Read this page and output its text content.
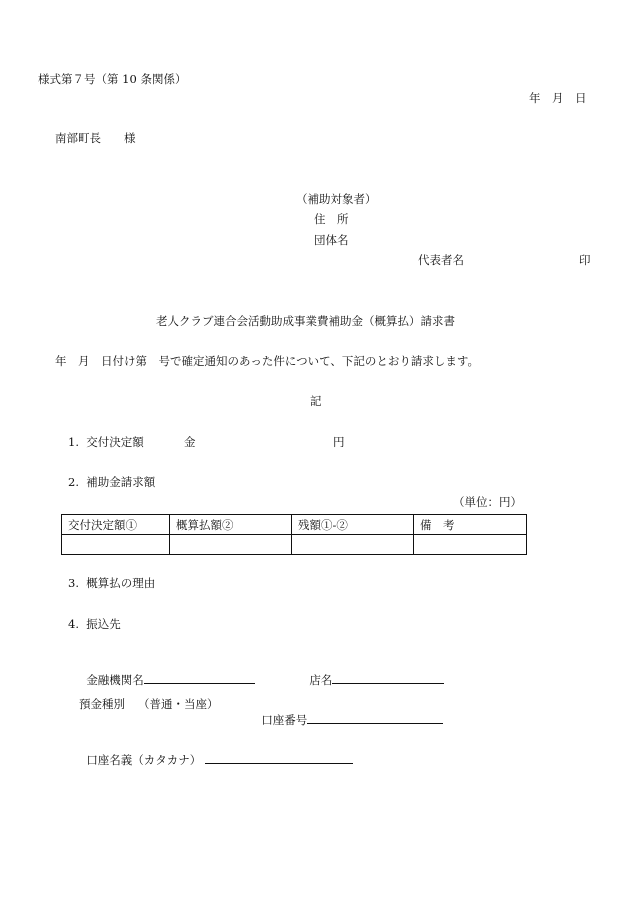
様式第７号（第 10 条関係）
年　月　日
南部町長　　様
（補助対象者）
住　所
団体名
代表者名	印
老人クラブ連合会活動助成事業費補助金（概算払）請求書
年　月　日付け第　号で確定通知のあった件について、下記のとおり請求します。
記
1.  交付決定額	金	円
2.  補助金請求額
（単位：円）
交付決定額①	概算払額②	残額①-②	備　考

3.  概算払の理由
4.  振込先

金融機関名	店名

預金種別 （普通・当座）

口座番号

口座名義（カタカナ）
